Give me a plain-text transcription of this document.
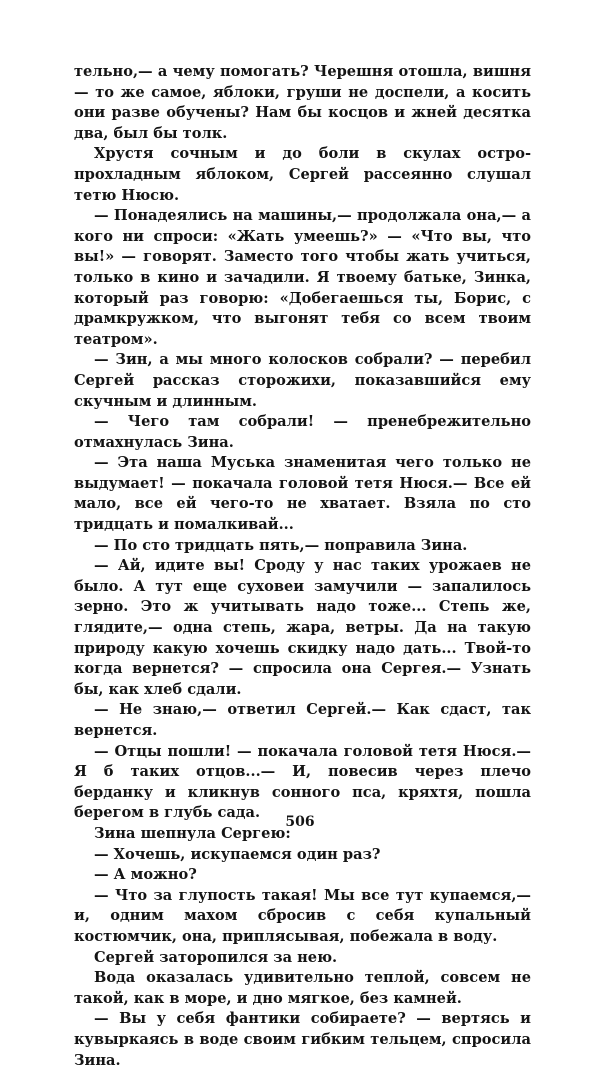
тельно,— а чему помогать? Черешня отошла, вишня — то же самое, яблоки, груши не доспели, а косить они разве обучены? Нам бы косцов и жней десятка два, был бы толк.

Хрустя сочным и до боли в скулах остро-прохладным яблоком, Сергей рассеянно слушал тетю Нюсю.

— Понадеялись на машины,— продолжала она,— а кого ни спроси: «Жать умеешь?» — «Что вы, что вы!» — говорят. Заместо того чтобы жать учиться, только в кино и зачадили. Я твоему батьке, Зинка, который раз говорю: «Добегаешься ты, Борис, с драмкружком, что выгонят тебя со всем твоим театром».

— Зин, а мы много колосков собрали? — перебил Сергей рассказ сторожихи, показавшийся ему скучным и длинным.

— Чего там собрали! — пренебрежительно отмахнулась Зина.

— Эта наша Муська знаменитая чего только не выдумает! — покачала головой тетя Нюся.— Все ей мало, все ей чего-то не хватает. Взяла по сто тридцать и помалкивай...

— По сто тридцать пять,— поправила Зина.

— Ай, идите вы! Сроду у нас таких урожаев не было. А тут еще суховеи замучили — запалилось зерно. Это ж учитывать надо тоже... Степь же, глядите,— одна степь, жара, ветры. Да на такую природу какую хочешь скидку надо дать... Твой-то когда вернется? — спросила она Сергея.— Узнать бы, как хлеб сдали.

— Не знаю,— ответил Сергей.— Как сдаст, так вернется.

— Отцы пошли! — покачала головой тетя Нюся.— Я б таких отцов...— И, повесив через плечо берданку и кликнув сонного пса, кряхтя, пошла берегом в глубь сада.

Зина шепнула Сергею:

— Хочешь, искупаемся один раз?

— А можно?

— Что за глупость такая! Мы все тут купаемся,— и, одним махом сбросив с себя купальный костюмчик, она, приплясывая, побежала в воду.

Сергей заторопился за нею.

Вода оказалась удивительно теплой, совсем не такой, как в море, и дно мягкое, без камней.

— Вы у себя фантики собираете? — вертясь и кувыркаясь в воде своим гибким тельцем, спросила Зина.

506
